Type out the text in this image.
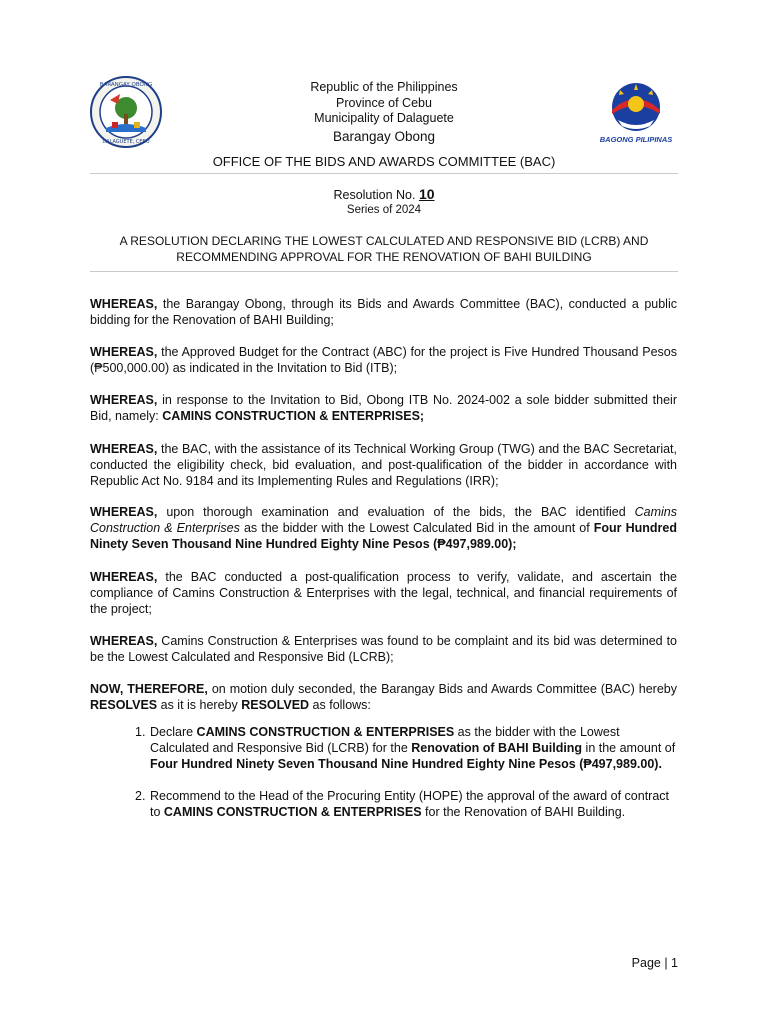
BARANGAY OBONG
DALAGUETE, CEBU	BAGONG PILIPINAS
Republic of the Philippines
Province of Cebu
Municipality of Dalaguete
Barangay Obong
OFFICE OF THE BIDS AND AWARDS COMMITTEE (BAC)
Resolution No. 10
Series of 2024
A RESOLUTION DECLARING THE LOWEST CALCULATED AND RESPONSIVE BID (LCRB) AND
RECOMMENDING APPROVAL FOR THE RENOVATION OF BAHI BUILDING
WHEREAS, the Barangay Obong, through its Bids and Awards Committee (BAC), conducted a public bidding for the Renovation of BAHI Building;
WHEREAS, the Approved Budget for the Contract (ABC) for the project is Five Hundred Thousand Pesos (₱500,000.00) as indicated in the Invitation to Bid (ITB);
WHEREAS, in response to the Invitation to Bid, Obong ITB No. 2024-002 a sole bidder submitted their Bid, namely: CAMINS CONSTRUCTION & ENTERPRISES;
WHEREAS, the BAC, with the assistance of its Technical Working Group (TWG) and the BAC Secretariat, conducted the eligibility check, bid evaluation, and post-qualification of the bidder in accordance with Republic Act No. 9184 and its Implementing Rules and Regulations (IRR);
WHEREAS, upon thorough examination and evaluation of the bids, the BAC identified Camins Construction & Enterprises as the bidder with the Lowest Calculated Bid in the amount of Four Hundred Ninety Seven Thousand Nine Hundred Eighty Nine Pesos (₱497,989.00);
WHEREAS, the BAC conducted a post-qualification process to verify, validate, and ascertain the compliance of Camins Construction & Enterprises with the legal, technical, and financial requirements of the project;
WHEREAS, Camins Construction & Enterprises was found to be complaint and its bid was determined to be the Lowest Calculated and Responsive Bid (LCRB);
NOW, THEREFORE, on motion duly seconded, the Barangay Bids and Awards Committee (BAC) hereby RESOLVES as it is hereby RESOLVED as follows:
1. Declare CAMINS CONSTRUCTION & ENTERPRISES as the bidder with the Lowest Calculated and Responsive Bid (LCRB) for the Renovation of BAHI Building in the amount of Four Hundred Ninety Seven Thousand Nine Hundred Eighty Nine Pesos (₱497,989.00).
2. Recommend to the Head of the Procuring Entity (HOPE) the approval of the award of contract to CAMINS CONSTRUCTION & ENTERPRISES for the Renovation of BAHI Building.
Page | 1
